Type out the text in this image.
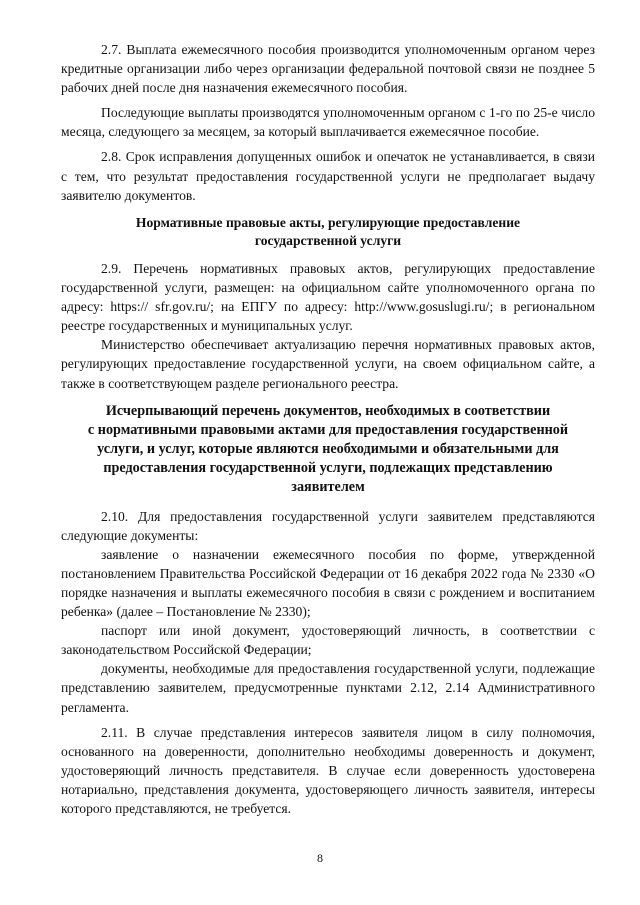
2.7. Выплата ежемесячного пособия производится уполномоченным органом через кредитные организации либо через организации федеральной почтовой связи не позднее 5 рабочих дней после дня назначения ежемесячного пособия.

Последующие выплаты производятся уполномоченным органом с 1-го по 25-е число месяца, следующего за месяцем, за который выплачивается ежемесячное пособие.

2.8. Срок исправления допущенных ошибок и опечаток не устанавливается, в связи с тем, что результат предоставления государственной услуги не предполагает выдачу заявителю документов.

Нормативные правовые акты, регулирующие предоставление
государственной услуги

2.9. Перечень нормативных правовых актов, регулирующих предоставление государственной услуги, размещен: на официальном сайте уполномоченного органа по адресу: https:// sfr.gov.ru/; на ЕПГУ по адресу: http://www.gosuslugi.ru/; в региональном реестре государственных и муниципальных услуг.

Министерство обеспечивает актуализацию перечня нормативных правовых актов, регулирующих предоставление государственной услуги, на своем официальном сайте, а также в соответствующем разделе регионального реестра.

Исчерпывающий перечень документов, необходимых в соответствии
с нормативными правовыми актами для предоставления государственной
услуги, и услуг, которые являются необходимыми и обязательными для
предоставления государственной услуги, подлежащих представлению
заявителем

2.10. Для предоставления государственной услуги заявителем представляются следующие документы:

заявление о назначении ежемесячного пособия по форме, утвержденной постановлением Правительства Российской Федерации от 16 декабря 2022 года № 2330 «О порядке назначения и выплаты ежемесячного пособия в связи с рождением и воспитанием ребенка» (далее – Постановление № 2330);

паспорт или иной документ, удостоверяющий личность, в соответствии с законодательством Российской Федерации;

документы, необходимые для предоставления государственной услуги, подлежащие представлению заявителем, предусмотренные пунктами 2.12, 2.14 Административного регламента.

2.11. В случае представления интересов заявителя лицом в силу полномочия, основанного на доверенности, дополнительно необходимы доверенность и документ, удостоверяющий личность представителя. В случае если доверенность удостоверена нотариально, представления документа, удостоверяющего личность заявителя, интересы которого представляются, не требуется.

8
